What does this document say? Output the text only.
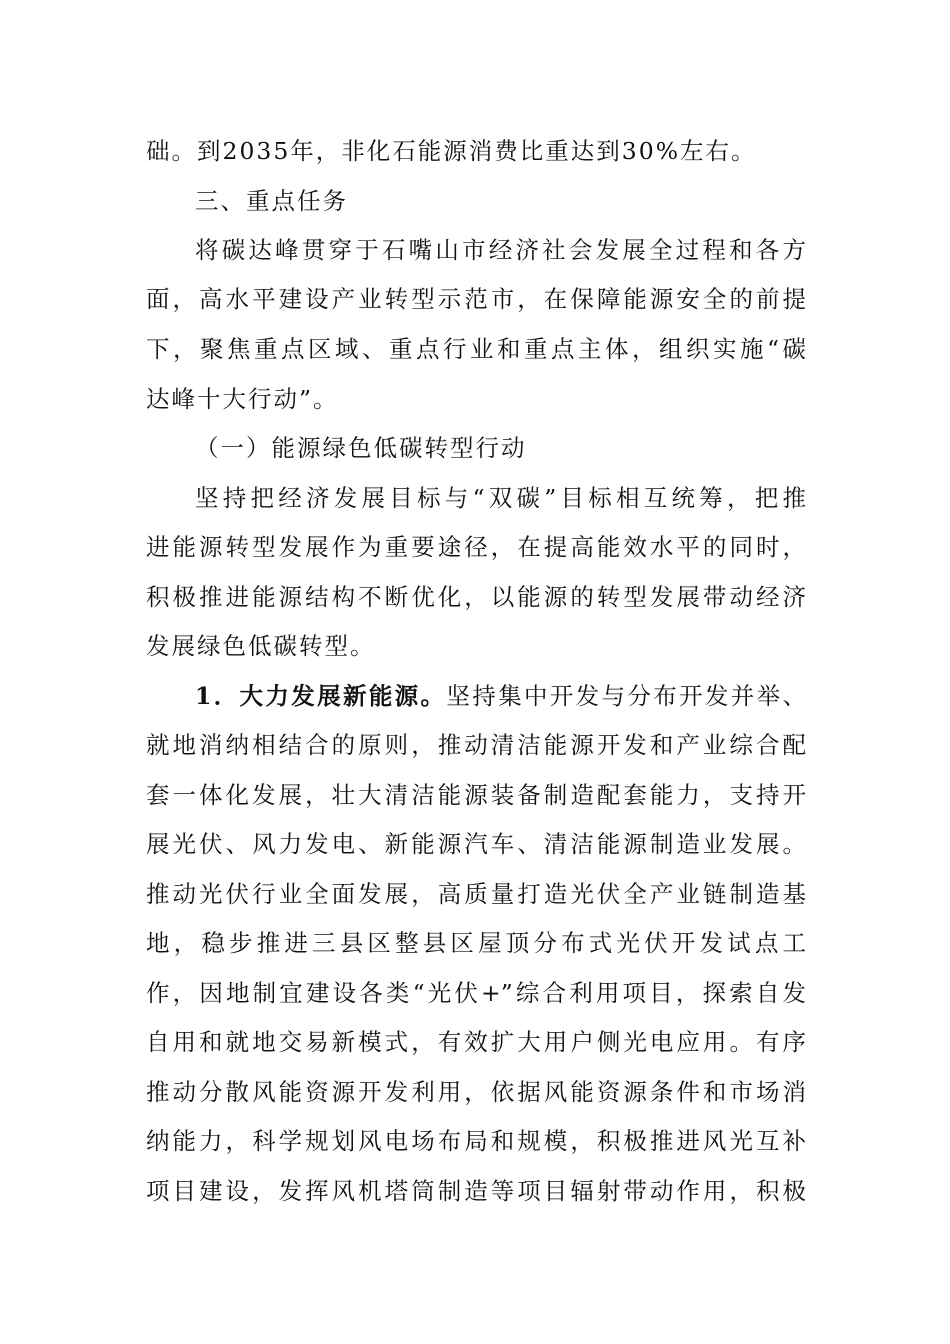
础。到2035年，非化石能源消费比重达到30%左右。
三、重点任务
将碳达峰贯穿于石嘴山市经济社会发展全过程和各方
面，高水平建设产业转型示范市，在保障能源安全的前提
下，聚焦重点区域、重点行业和重点主体，组织实施“碳
达峰十大行动”。
（一）能源绿色低碳转型行动
坚持把经济发展目标与“双碳”目标相互统筹，把推
进能源转型发展作为重要途径，在提高能效水平的同时，
积极推进能源结构不断优化，以能源的转型发展带动经济
发展绿色低碳转型。
1．大力发展新能源。坚持集中开发与分布开发并举、
就地消纳相结合的原则，推动清洁能源开发和产业综合配
套一体化发展，壮大清洁能源装备制造配套能力，支持开
展光伏、风力发电、新能源汽车、清洁能源制造业发展。
推动光伏行业全面发展，高质量打造光伏全产业链制造基
地，稳步推进三县区整县区屋顶分布式光伏开发试点工
作，因地制宜建设各类“光伏+”综合利用项目，探索自发
自用和就地交易新模式，有效扩大用户侧光电应用。有序
推动分散风能资源开发利用，依据风能资源条件和市场消
纳能力，科学规划风电场布局和规模，积极推进风光互补
项目建设，发挥风机塔筒制造等项目辐射带动作用，积极
